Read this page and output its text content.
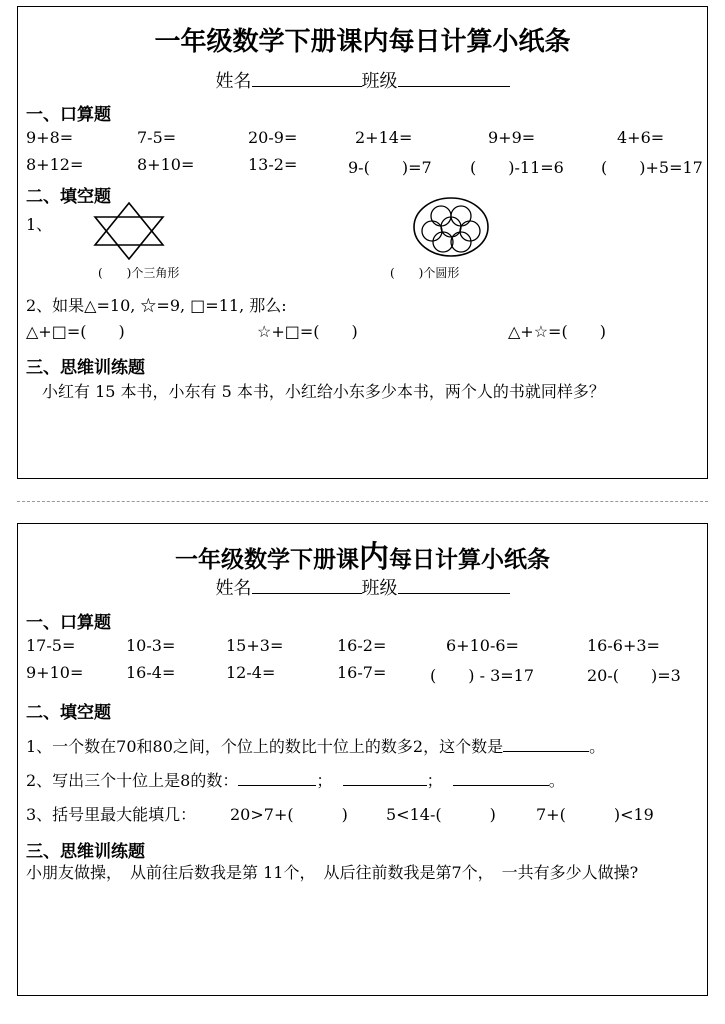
一年级数学下册课内每日计算小纸条
姓名	班级
一、口算题
9+8=	7-5=	20-9=	2+14=	9+9=	4+6=
8+12=	8+10=	13-2=	9-(　　)=7 (　　)-11=6 (　　)+5=17
二、填空题
1、
(　　)个三角形	(　　)个圆形
2、如果△=10, ☆=9, □=11, 那么:
△+□=(　　)	☆+□=(　　)	△+☆=(　　)
三、思维训练题
　小红有 15 本书，小东有 5 本书，小红给小东多少本书，两个人的书就同样多？
一年级数学下册课内每日计算小纸条
姓名	班级
一、口算题
17-5=	10-3=	15+3=	16-2=	6+10-6=	16-6+3=
9+10=	16-4=	12-4=	16-7=	(　　) - 3=17	20-(　　)=3
二、填空题
1、一个数在70和80之间，个位上的数比十位上的数多2，这个数是	。
2、写出三个十位上是8的数：	；	；	。
3、括号里最大能填几： 20>7+(　　　) 5<14-(　　　)	7+(　　　)<19
三、思维训练题
小朋友做操，　从前往后数我是第 11个，　从后往前数我是第7个，　一共有多少人做操?
